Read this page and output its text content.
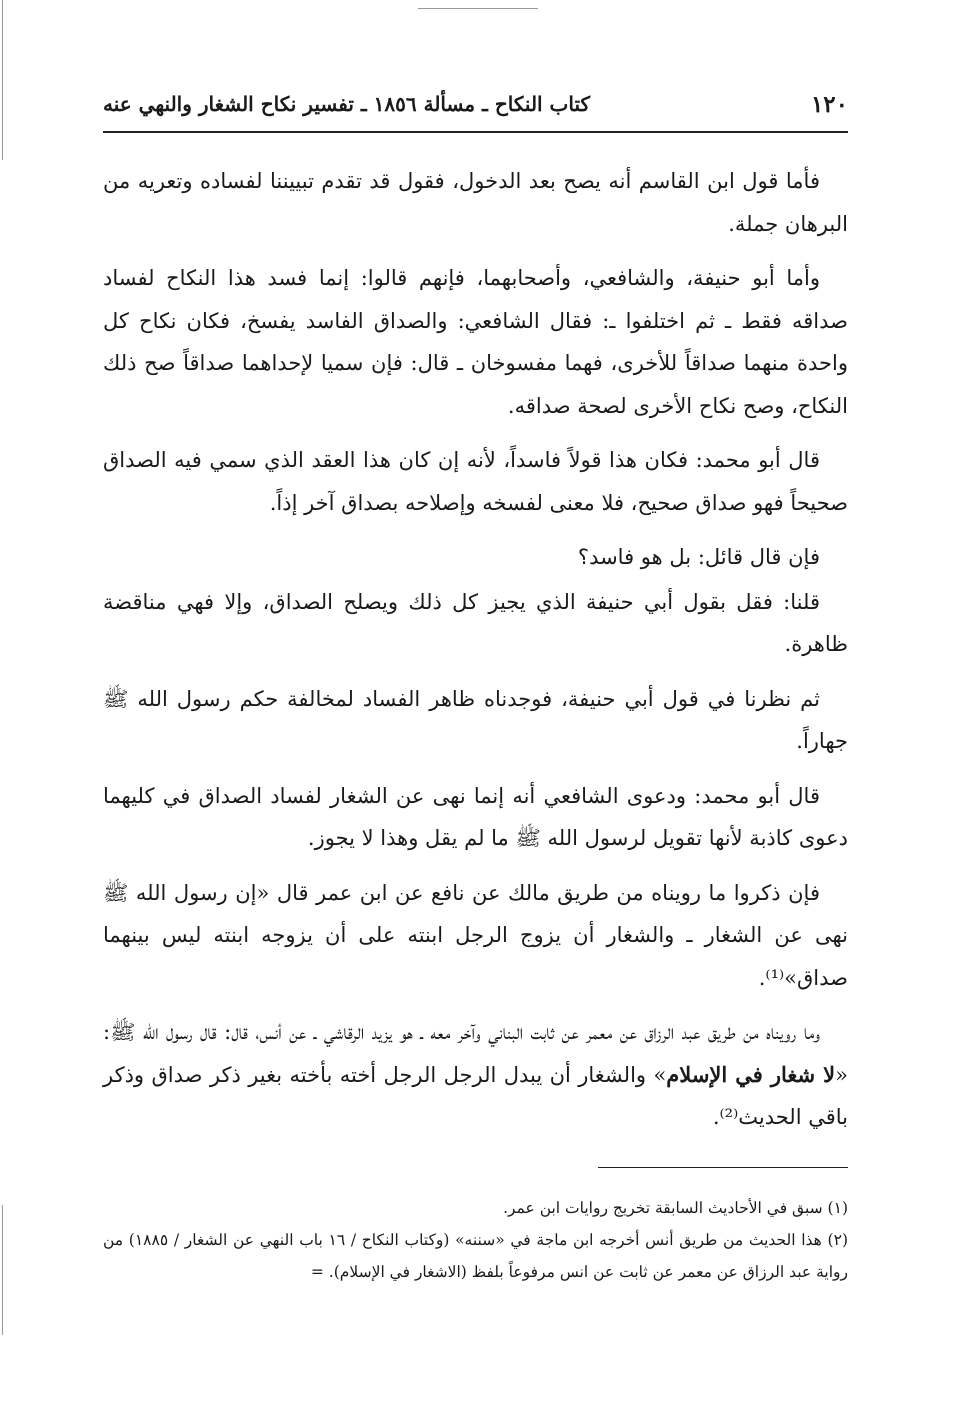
١٢٠
كتاب النكاح ـ مسألة ١٨٥٦ ـ تفسير نكاح الشغار والنهي عنه

فأما قول ابن القاسم أنه يصح بعد الدخول، فقول قد تقدم تبييننا لفساده وتعريه من البرهان جملة.

وأما أبو حنيفة، والشافعي، وأصحابهما، فإنهم قالوا: إنما فسد هذا النكاح لفساد صداقه فقط ـ ثم اختلفوا ـ: فقال الشافعي: والصداق الفاسد يفسخ، فكان نكاح كل واحدة منهما صداقاً للأخرى، فهما مفسوخان ـ قال: فإن سميا لإحداهما صداقاً صح ذلك النكاح، وصح نكاح الأخرى لصحة صداقه.

قال أبو محمد: فكان هذا قولاً فاسداً، لأنه إن كان هذا العقد الذي سمي فيه الصداق صحيحاً فهو صداق صحيح، فلا معنى لفسخه وإصلاحه بصداق آخر إذاً.

فإن قال قائل: بل هو فاسد؟

قلنا: فقل بقول أبي حنيفة الذي يجيز كل ذلك ويصلح الصداق، وإلا فهي مناقضة ظاهرة.

ثم نظرنا في قول أبي حنيفة، فوجدناه ظاهر الفساد لمخالفة حكم رسول الله ﷺ جهاراً.

قال أبو محمد: ودعوى الشافعي أنه إنما نهى عن الشغار لفساد الصداق في كليهما دعوى كاذبة لأنها تقويل لرسول الله ﷺ ما لم يقل وهذا لا يجوز.

فإن ذكروا ما رويناه من طريق مالك عن نافع عن ابن عمر قال «إن رسول الله ﷺ نهى عن الشغار ـ والشغار أن يزوج الرجل ابنته على أن يزوجه ابنته ليس بينهما صداق»⁽¹⁾.

وما رويناه من طريق عبد الرزاق عن معمر عن ثابت البناني وآخر معه ـ هو يزيد الرقاشي ـ عن أنس، قال: قال رسول الله ﷺ: «لا شغار في الإسلام» والشغار أن يبدل الرجل الرجل أخته بأخته بغير ذكر صداق وذكر باقي الحديث⁽²⁾.

(١) سبق في الأحاديث السابقة تخريج روايات ابن عمر.

(٢) هذا الحديث من طريق أنس أخرجه ابن ماجة في «سننه» (وكتاب النكاح / ١٦ باب النهي عن الشغار / ١٨٨٥) من رواية عبد الرزاق عن معمر عن ثابت عن انس مرفوعاً بلفظ (الاشغار في الإسلام). =
